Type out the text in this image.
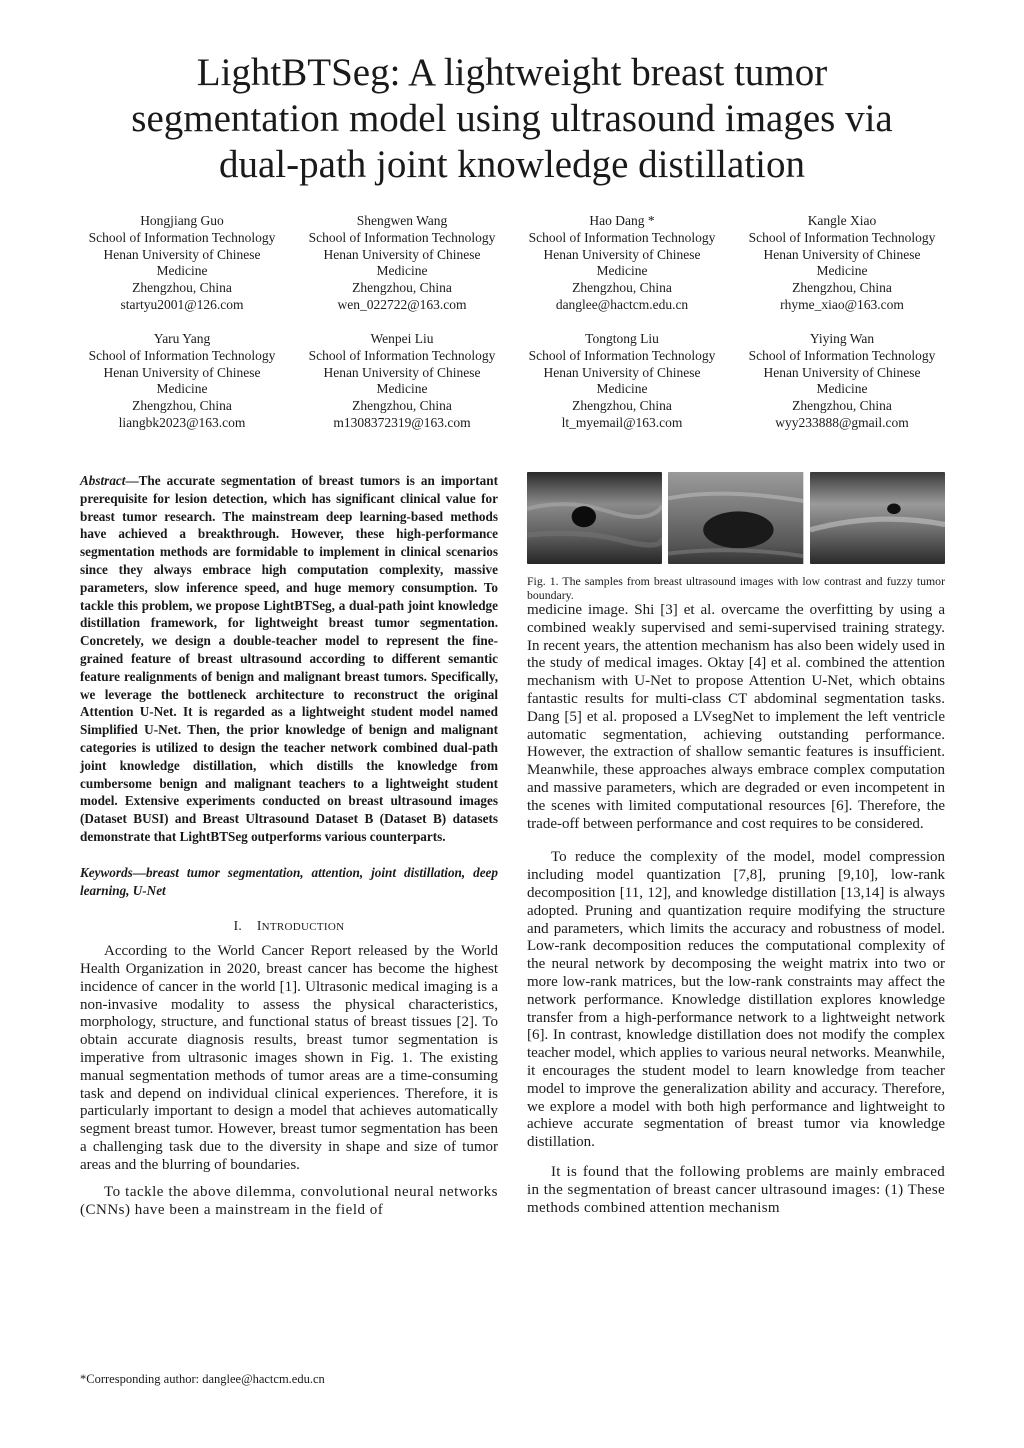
LightBTSeg: A lightweight breast tumor
segmentation model using ultrasound images via
dual-path joint knowledge distillation
Hongjiang Guo
School of Information Technology
Henan University of Chinese
Medicine
Zhengzhou, China
startyu2001@126.com
Shengwen Wang
School of Information Technology
Henan University of Chinese
Medicine
Zhengzhou, China
wen_022722@163.com
Hao Dang *
School of Information Technology
Henan University of Chinese
Medicine
Zhengzhou, China
danglee@hactcm.edu.cn
Kangle Xiao
School of Information Technology
Henan University of Chinese
Medicine
Zhengzhou, China
rhyme_xiao@163.com
Yaru Yang
School of Information Technology
Henan University of Chinese
Medicine
Zhengzhou, China
liangbk2023@163.com
Wenpei Liu
School of Information Technology
Henan University of Chinese
Medicine
Zhengzhou, China
m1308372319@163.com
Tongtong Liu
School of Information Technology
Henan University of Chinese
Medicine
Zhengzhou, China
lt_myemail@163.com
Yiying Wan
School of Information Technology
Henan University of Chinese
Medicine
Zhengzhou, China
wyy233888@gmail.com

Abstract—The accurate segmentation of breast tumors is an important prerequisite for lesion detection, which has significant clinical value for breast tumor research. The mainstream deep learning-based methods have achieved a breakthrough. However, these high-performance segmentation methods are formidable to implement in clinical scenarios since they always embrace high computation complexity, massive parameters, slow inference speed, and huge memory consumption. To tackle this problem, we propose LightBTSeg, a dual-path joint knowledge distillation framework, for lightweight breast tumor segmentation. Concretely, we design a double-teacher model to represent the fine-grained feature of breast ultrasound according to different semantic feature realignments of benign and malignant breast tumors. Specifically, we leverage the bottleneck architecture to reconstruct the original Attention U-Net. It is regarded as a lightweight student model named Simplified U-Net. Then, the prior knowledge of benign and malignant categories is utilized to design the teacher network combined dual-path joint knowledge distillation, which distills the knowledge from cumbersome benign and malignant teachers to a lightweight student model. Extensive experiments conducted on breast ultrasound images (Dataset BUSI) and Breast Ultrasound Dataset B (Dataset B) datasets demonstrate that LightBTSeg outperforms various counterparts.

Keywords—breast tumor segmentation, attention, joint distillation, deep learning, U-Net

I. INTRODUCTION

According to the World Cancer Report released by the World Health Organization in 2020, breast cancer has become the highest incidence of cancer in the world [1]. Ultrasonic medical imaging is a non-invasive modality to assess the physical characteristics, morphology, structure, and functional status of breast tissues [2]. To obtain accurate diagnosis results, breast tumor segmentation is imperative from ultrasonic images shown in Fig. 1. The existing manual segmentation methods of tumor areas are a time-consuming task and depend on individual clinical experiences. Therefore, it is particularly important to design a model that achieves automatically segment breast tumor. However, breast tumor segmentation has been a challenging task due to the diversity in shape and size of tumor areas and the blurring of boundaries.

To tackle the above dilemma, convolutional neural networks (CNNs) have been a mainstream in the field of

Fig. 1. The samples from breast ultrasound images with low contrast and fuzzy tumor boundary.

medicine image. Shi [3] et al. overcame the overfitting by using a combined weakly supervised and semi-supervised training strategy. In recent years, the attention mechanism has also been widely used in the study of medical images. Oktay [4] et al. combined the attention mechanism with U-Net to propose Attention U-Net, which obtains fantastic results for multi-class CT abdominal segmentation tasks. Dang [5] et al. proposed a LVsegNet to implement the left ventricle automatic segmentation, achieving outstanding performance. However, the extraction of shallow semantic features is insufficient. Meanwhile, these approaches always embrace complex computation and massive parameters, which are degraded or even incompetent in the scenes with limited computational resources [6]. Therefore, the trade-off between performance and cost requires to be considered.

To reduce the complexity of the model, model compression including model quantization [7,8], pruning [9,10], low-rank decomposition [11, 12], and knowledge distillation [13,14] is always adopted. Pruning and quantization require modifying the structure and parameters, which limits the accuracy and robustness of model. Low-rank decomposition reduces the computational complexity of the neural network by decomposing the weight matrix into two or more low-rank matrices, but the low-rank constraints may affect the network performance. Knowledge distillation explores knowledge transfer from a high-performance network to a lightweight network [6]. In contrast, knowledge distillation does not modify the complex teacher model, which applies to various neural networks. Meanwhile, it encourages the student model to learn knowledge from teacher model to improve the generalization ability and accuracy. Therefore, we explore a model with both high performance and lightweight to achieve accurate segmentation of breast tumor via knowledge distillation.

It is found that the following problems are mainly embraced in the segmentation of breast cancer ultrasound images: (1) These methods combined attention mechanism

*Corresponding author: danglee@hactcm.edu.cn
